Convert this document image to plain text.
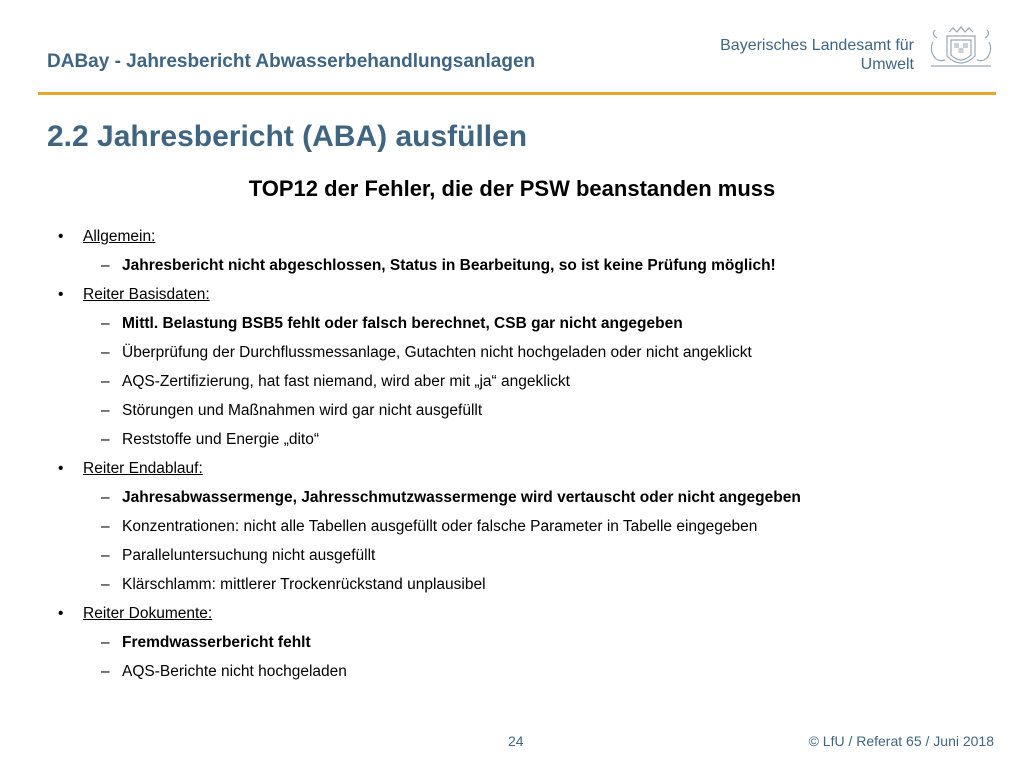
DABay - Jahresbericht Abwasserbehandlungsanlagen
Bayerisches Landesamt für
Umwelt
2.2 Jahresbericht (ABA) ausfüllen
TOP12 der Fehler, die der PSW beanstanden muss
• Allgemein:
– Jahresbericht nicht abgeschlossen, Status in Bearbeitung, so ist keine Prüfung möglich!
• Reiter Basisdaten:
– Mittl. Belastung BSB5 fehlt oder falsch berechnet, CSB gar nicht angegeben
– Überprüfung der Durchflussmessanlage, Gutachten nicht hochgeladen oder nicht angeklickt
– AQS-Zertifizierung, hat fast niemand, wird aber mit „ja“ angeklickt
– Störungen und Maßnahmen wird gar nicht ausgefüllt
– Reststoffe und Energie „dito“
• Reiter Endablauf:
– Jahresabwassermenge, Jahresschmutzwassermenge wird vertauscht oder nicht angegeben
– Konzentrationen: nicht alle Tabellen ausgefüllt oder falsche Parameter in Tabelle eingegeben
– Paralleluntersuchung nicht ausgefüllt
– Klärschlamm: mittlerer Trockenrückstand unplausibel
• Reiter Dokumente:
– Fremdwasserbericht fehlt
– AQS-Berichte nicht hochgeladen
24	© LfU / Referat 65 / Juni 2018
